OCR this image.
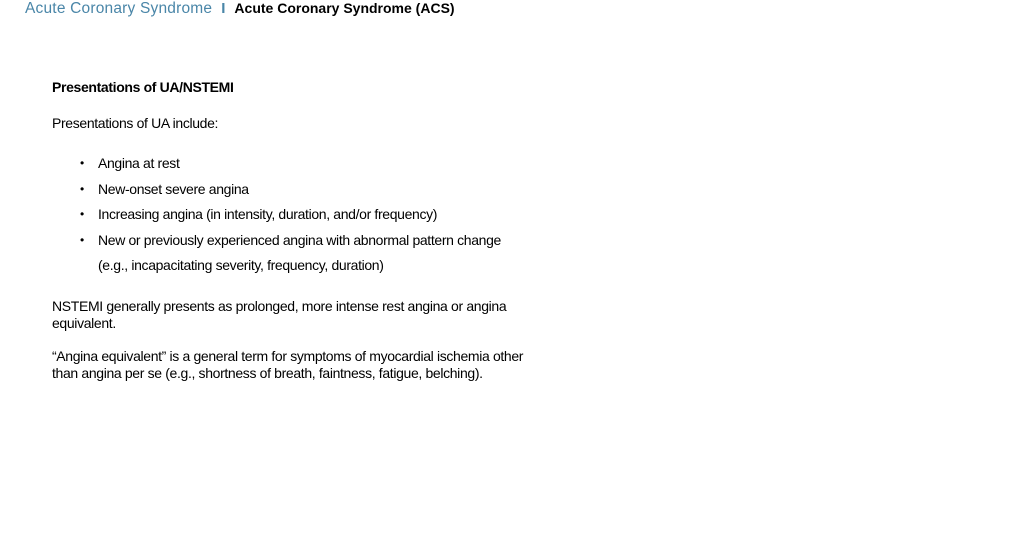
Acute Coronary Syndrome I Acute Coronary Syndrome (ACS)
Presentations of UA/NSTEMI
Presentations of UA include:
• Angina at rest
• New-onset severe angina
• Increasing angina (in intensity, duration, and/or frequency)
• New or previously experienced angina with abnormal pattern change (e.g., incapacitating severity, frequency, duration)
NSTEMI generally presents as prolonged, more intense rest angina or angina equivalent.
“Angina equivalent” is a general term for symptoms of myocardial ischemia other than angina per se (e.g., shortness of breath, faintness, fatigue, belching).
